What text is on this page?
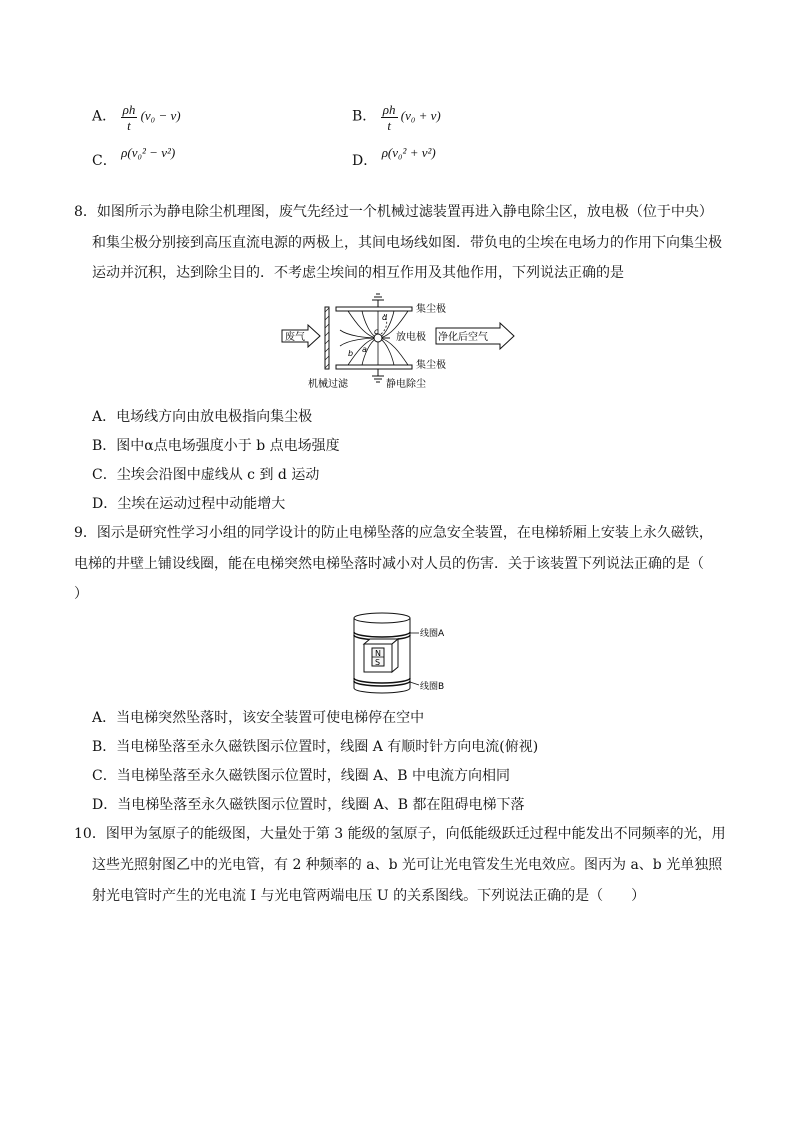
A． $\frac{\rho h}{t} (v_0 - v)$	B． $\frac{\rho h}{t} (v_0 + v)$
C． ρ(v₀² − v²)
D． ρ(v₀² + v²)
8．如图所示为静电除尘机理图，废气先经过一个机械过滤装置再进入静电除尘区，放电极（位于中央）
和集尘极分别接到高压直流电源的两极上，其间电场线如图．带负电的尘埃在电场力的作用下向集尘极
运动并沉积，达到除尘目的．不考虑尘埃间的相互作用及其他作用，下列说法正确的是
废气
c
d
a
b
集尘极
放电极 净化后空气
集尘极
机械过滤	静电除尘
A．电场线方向由放电极指向集尘极
B．图中α点电场强度小于 b 点电场强度
C．尘埃会沿图中虚线从 c 到 d 运动
D．尘埃在运动过程中动能增大
9．图示是研究性学习小组的同学设计的防止电梯坠落的应急安全装置，在电梯轿厢上安装上永久磁铁，
电梯的井壁上铺设线圈，能在电梯突然电梯坠落时减小对人员的伤害．关于该装置下列说法正确的是（
）
N
S
线圈A
线圈B
A．当电梯突然坠落时，该安全装置可使电梯停在空中
B．当电梯坠落至永久磁铁图示位置时，线圈 A 有顺时针方向电流(俯视)
C．当电梯坠落至永久磁铁图示位置时，线圈 A、B 中电流方向相同
D．当电梯坠落至永久磁铁图示位置时，线圈 A、B 都在阻碍电梯下落
10．图甲为氢原子的能级图，大量处于第 3 能级的氢原子，向低能级跃迁过程中能发出不同频率的光，用
这些光照射图乙中的光电管，有 2 种频率的 a、b 光可让光电管发生光电效应。图丙为 a、b 光单独照
射光电管时产生的光电流 I 与光电管两端电压 U 的关系图线。下列说法正确的是（　　）
